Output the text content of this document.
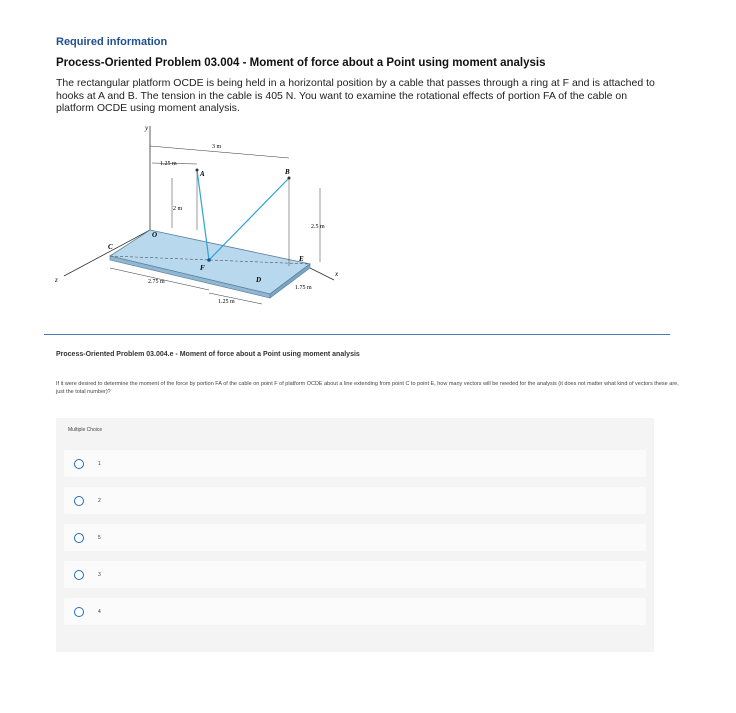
Required information
Process-Oriented Problem 03.004 - Moment of force about a Point using moment analysis
The rectangular platform OCDE is being held in a horizontal position by a cable that passes through a ring at F and is attached to hooks at A and B. The tension in the cable is 405 N. You want to examine the rotational effects of portion FA of the cable on platform OCDE using moment analysis.
y
z
x
A	B
C
D
E
F
O
3 m
1.25 m
2 m
2.5 m
2.75 m
1.25 m
1.75 m
Process-Oriented Problem 03.004.e - Moment of force about a Point using moment analysis
If it were desired to determine the moment of the force by portion FA of the cable on point F of platform OCDE about a line extending from point C to point E, how many vectors will be needed for the analysis (it does not matter what kind of vectors these are, just the total number)?
Multiple Choice
1
2
5
3
4
